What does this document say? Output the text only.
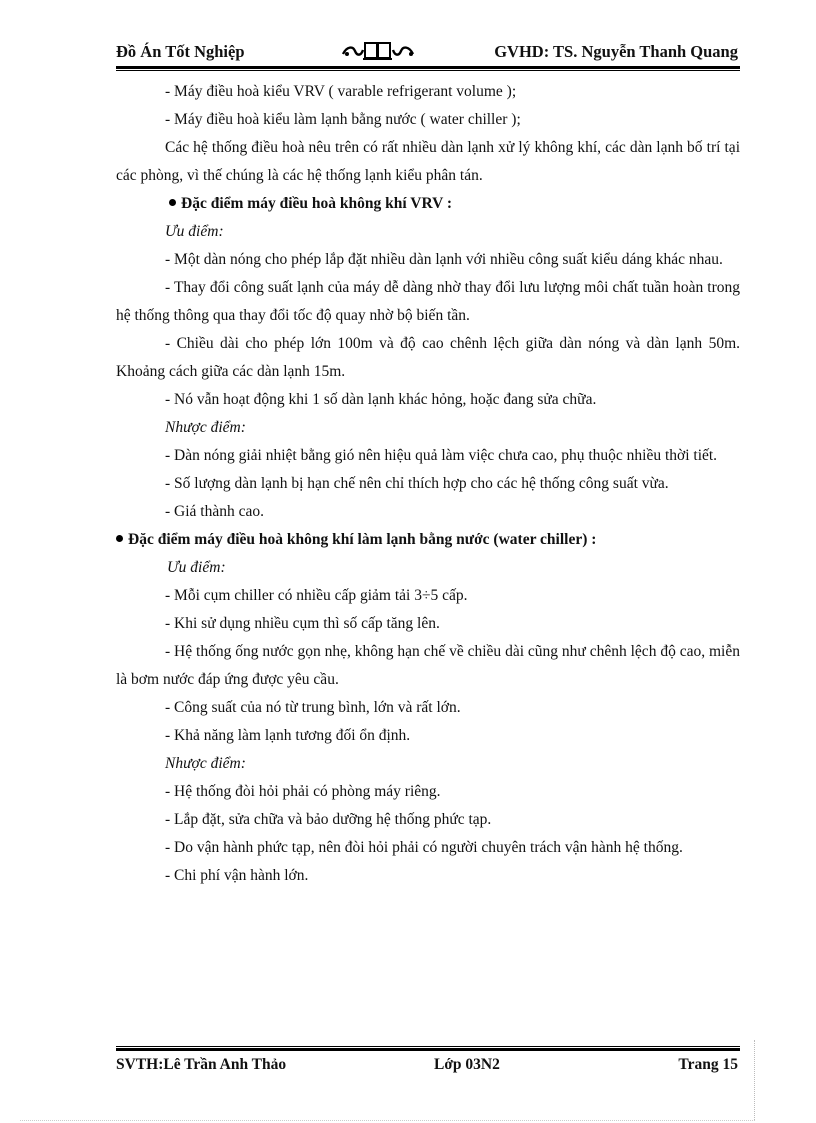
Đồ Án Tốt Nghiệp	GVHD: TS. Nguyễn Thanh Quang

- Máy điều hoà kiểu VRV ( varable refrigerant volume );

- Máy điều hoà kiểu làm lạnh bằng nước ( water chiller );

Các hệ thống điều hoà nêu trên có rất nhiều dàn lạnh xử lý không khí, các dàn lạnh bố trí tại các phòng, vì thế chúng là các hệ thống lạnh kiểu phân tán.

Đặc điểm máy điều hoà không khí VRV :

Ưu điểm:

- Một dàn nóng cho phép lắp đặt nhiều dàn lạnh với nhiều công suất kiểu dáng khác nhau.

- Thay đổi công suất lạnh của máy dễ dàng nhờ thay đổi lưu lượng môi chất tuần hoàn trong hệ thống thông qua thay đổi tốc độ quay nhờ bộ biến tần.

- Chiều dài cho phép lớn 100m và độ cao chênh lệch giữa dàn nóng và dàn lạnh 50m. Khoảng cách giữa các dàn lạnh 15m.

- Nó vẫn hoạt động khi 1 số dàn lạnh khác hỏng, hoặc đang sửa chữa.

Nhược điểm:

- Dàn nóng giải nhiệt bằng gió nên hiệu quả làm việc chưa cao, phụ thuộc nhiều thời tiết.

- Số lượng dàn lạnh bị hạn chế nên chỉ thích hợp cho các hệ thống công suất vừa.

- Giá thành cao.

Đặc điểm máy điều hoà không khí làm lạnh bằng nước (water chiller) :

Ưu điểm:

- Mỗi cụm chiller có nhiều cấp giảm tải 3÷5 cấp.

- Khi sử dụng nhiều cụm thì số cấp tăng lên.

- Hệ thống ống nước gọn nhẹ, không hạn chế về chiều dài cũng như chênh lệch độ cao, miễn là bơm nước đáp ứng được yêu cầu.

- Công suất của nó từ trung bình, lớn và rất lớn.

- Khả năng làm lạnh tương đối ổn định.

Nhược điểm:

- Hệ thống đòi hỏi phải có phòng máy riêng.

- Lắp đặt, sửa chữa và bảo dưỡng hệ thống phức tạp.

- Do vận hành phức tạp, nên đòi hỏi phải có người chuyên trách vận hành hệ thống.

- Chi phí vận hành lớn.

SVTH:Lê Trần Anh Thảo	Lớp 03N2	Trang 15
